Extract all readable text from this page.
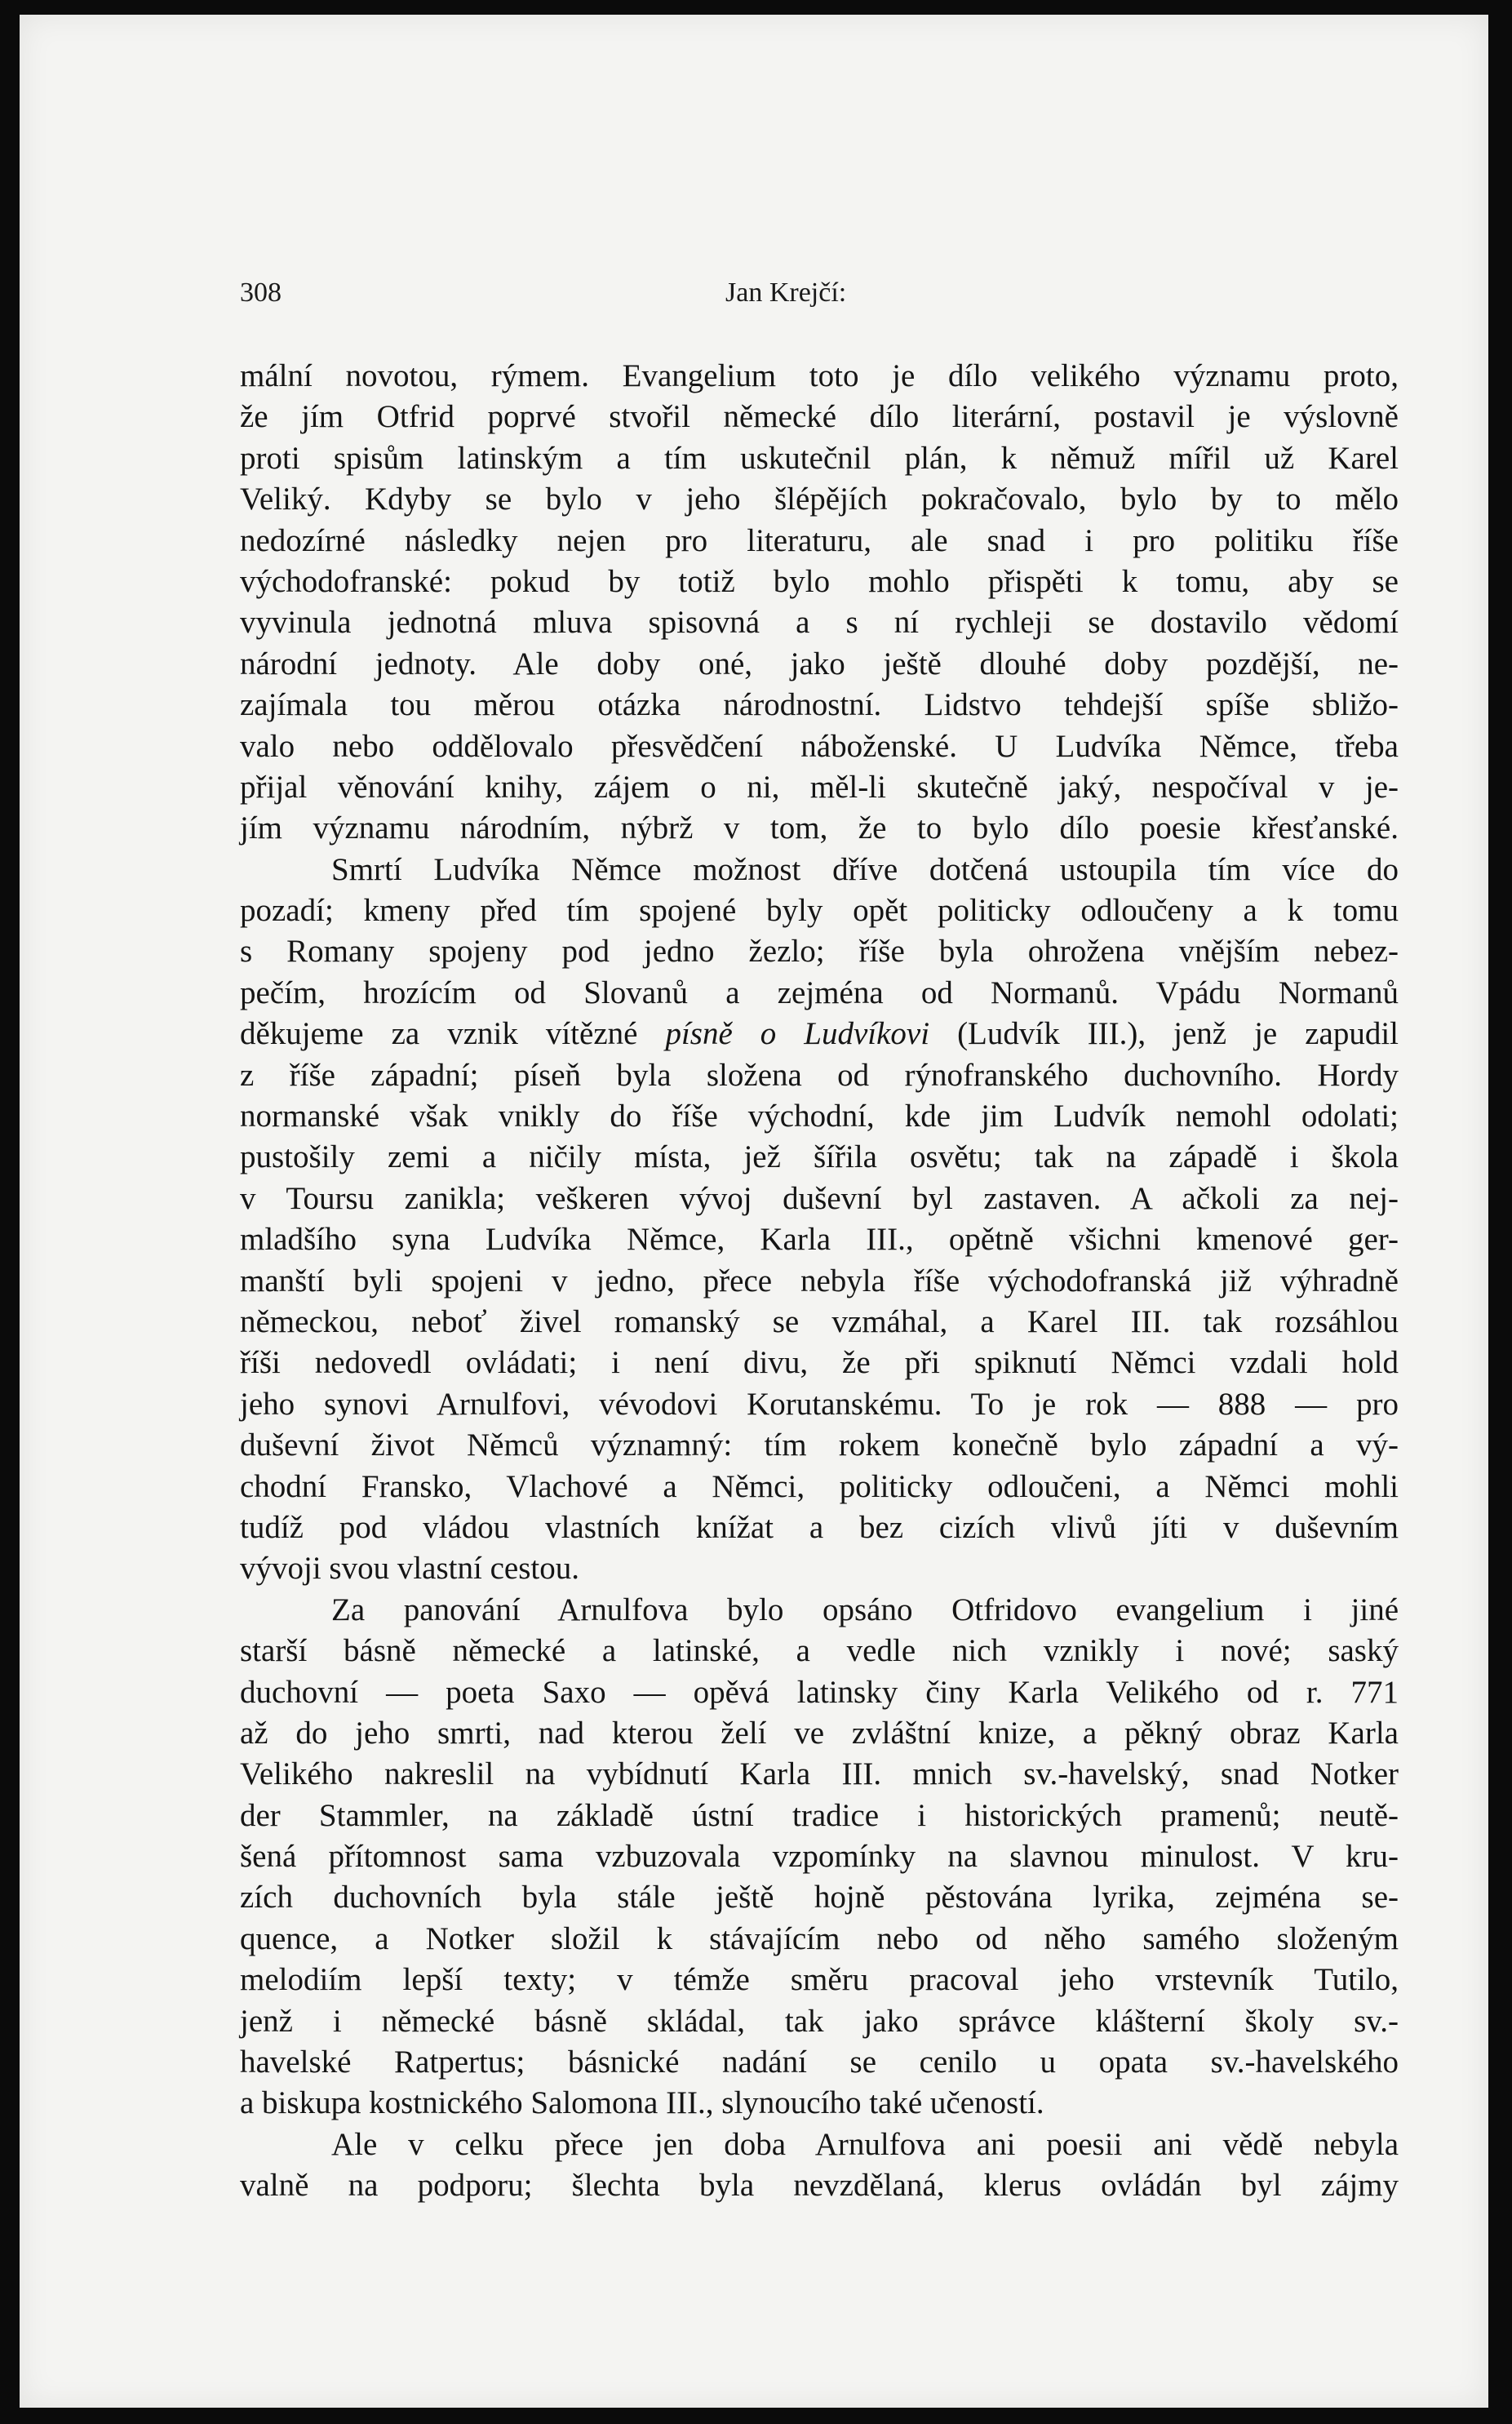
308	Jan Krejčí:
mální novotou, rýmem. Evangelium toto je dílo velikého významu proto,
že jím Otfrid poprvé stvořil německé dílo literární, postavil je výslovně
proti spisům latinským a tím uskutečnil plán, k němuž mířil už Karel
Veliký. Kdyby se bylo v jeho šlépějích pokračovalo, bylo by to mělo
nedozírné následky nejen pro literaturu, ale snad i pro politiku říše
východofranské: pokud by totiž bylo mohlo přispěti k tomu, aby se
vyvinula jednotná mluva spisovná a s ní rychleji se dostavilo vědomí
národní jednoty. Ale doby oné, jako ještě dlouhé doby pozdější, ne-
zajímala tou měrou otázka národnostní. Lidstvo tehdejší spíše sbližo-
valo nebo oddělovalo přesvědčení náboženské. U Ludvíka Němce, třeba
přijal věnování knihy, zájem o ni, měl-li skutečně jaký, nespočíval v je-
jím významu národním, nýbrž v tom, že to bylo dílo poesie křesťanské.
Smrtí Ludvíka Němce možnost dříve dotčená ustoupila tím více do
pozadí; kmeny před tím spojené byly opět politicky odloučeny a k tomu
s Romany spojeny pod jedno žezlo; říše byla ohrožena vnějším nebez-
pečím, hrozícím od Slovanů a zejména od Normanů. Vpádu Normanů
děkujeme za vznik vítězné písně o Ludvíkovi (Ludvík III.), jenž je zapudil
z říše západní; píseň byla složena od rýnofranského duchovního. Hordy
normanské však vnikly do říše východní, kde jim Ludvík nemohl odolati;
pustošily zemi a ničily místa, jež šířila osvětu; tak na západě i škola
v Toursu zanikla; veškeren vývoj duševní byl zastaven. A ačkoli za nej-
mladšího syna Ludvíka Němce, Karla III., opětně všichni kmenové ger-
manští byli spojeni v jedno, přece nebyla říše východofranská již výhradně
německou, neboť živel romanský se vzmáhal, a Karel III. tak rozsáhlou
říši nedovedl ovládati; i není divu, že při spiknutí Němci vzdali hold
jeho synovi Arnulfovi, vévodovi Korutanskému. To je rok — 888 — pro
duševní život Němců významný: tím rokem konečně bylo západní a vý-
chodní Fransko, Vlachové a Němci, politicky odloučeni, a Němci mohli
tudíž pod vládou vlastních knížat a bez cizích vlivů jíti v duševním
vývoji svou vlastní cestou.
Za panování Arnulfova bylo opsáno Otfridovo evangelium i jiné
starší básně německé a latinské, a vedle nich vznikly i nové; saský
duchovní — poeta Saxo — opěvá latinsky činy Karla Velikého od r. 771
až do jeho smrti, nad kterou želí ve zvláštní knize, a pěkný obraz Karla
Velikého nakreslil na vybídnutí Karla III. mnich sv.-havelský, snad Notker
der Stammler, na základě ústní tradice i historických pramenů; neutě-
šená přítomnost sama vzbuzovala vzpomínky na slavnou minulost. V kru-
zích duchovních byla stále ještě hojně pěstována lyrika, zejména se-
quence, a Notker složil k stávajícím nebo od něho samého složeným
melodiím lepší texty; v témže směru pracoval jeho vrstevník Tutilo,
jenž i německé básně skládal, tak jako správce klášterní školy sv.-
havelské Ratpertus; básnické nadání se cenilo u opata sv.-havelského
a biskupa kostnického Salomona III., slynoucího také učeností.
Ale v celku přece jen doba Arnulfova ani poesii ani vědě nebyla
valně na podporu; šlechta byla nevzdělaná, klerus ovládán byl zájmy
